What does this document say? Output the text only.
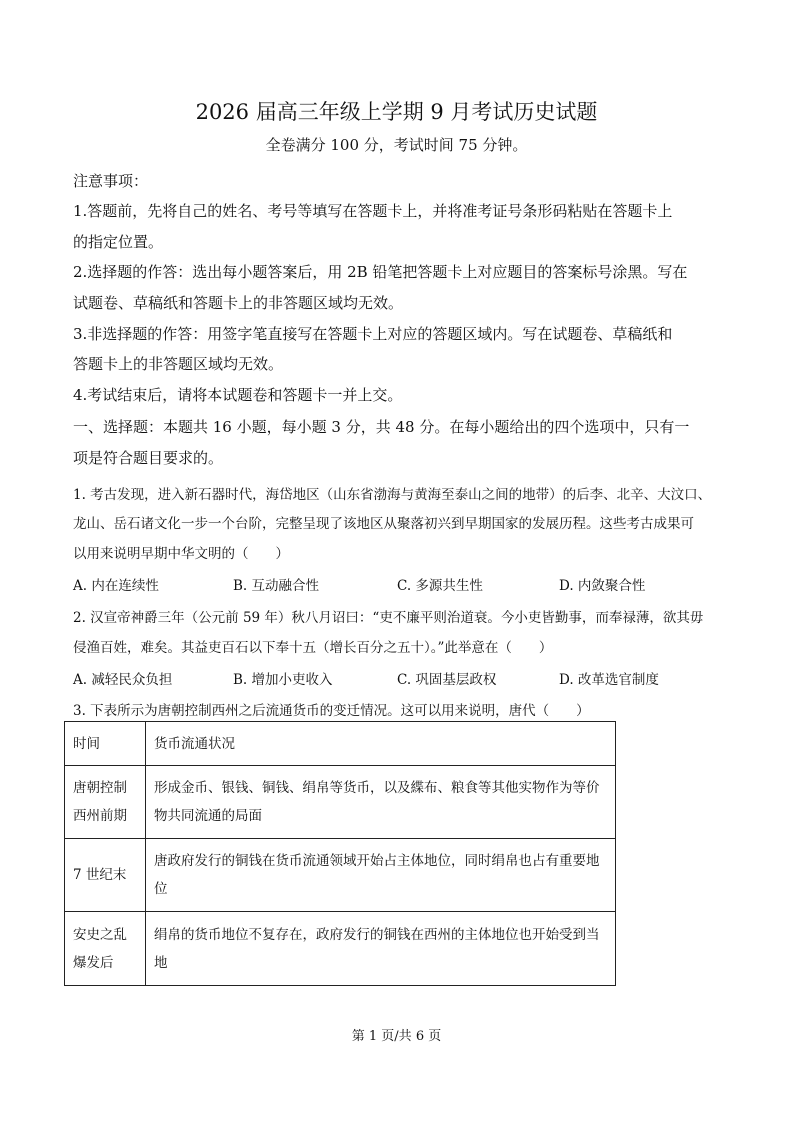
2026 届高三年级上学期 9 月考试历史试题
全卷满分 100 分，考试时间 75 分钟。
注意事项：
1.答题前，先将自己的姓名、考号等填写在答题卡上，并将准考证号条形码粘贴在答题卡上
的指定位置。
2.选择题的作答：选出每小题答案后，用 2B 铅笔把答题卡上对应题目的答案标号涂黑。写在
试题卷、草稿纸和答题卡上的非答题区域均无效。
3.非选择题的作答：用签字笔直接写在答题卡上对应的答题区域内。写在试题卷、草稿纸和
答题卡上的非答题区域均无效。
4.考试结束后，请将本试题卷和答题卡一并上交。
一、选择题：本题共 16 小题，每小题 3 分，共 48 分。在每小题给出的四个选项中，只有一
项是符合题目要求的。
1. 考古发现，进入新石器时代，海岱地区（山东省渤海与黄海至泰山之间的地带）的后李、北辛、大汶口、
龙山、岳石诸文化一步一个台阶，完整呈现了该地区从聚落初兴到早期国家的发展历程。这些考古成果可
以用来说明早期中华文明的（　　）
A. 内在连续性	B. 互动融合性	C. 多源共生性	D. 内敛聚合性
2. 汉宣帝神爵三年（公元前 59 年）秋八月诏曰：“吏不廉平则治道衰。今小吏皆勤事，而奉禄薄，欲其毋
侵渔百姓，难矣。其益吏百石以下奉十五（增长百分之五十）。”此举意在（　　）
A. 减轻民众负担	B. 增加小吏收入	C. 巩固基层政权	D. 改革选官制度
3. 下表所示为唐朝控制西州之后流通货币的变迁情况。这可以用来说明，唐代（　　）
时间	货币流通状况
唐朝控制西州前期	形成金币、银钱、铜钱、绢帛等货币，以及緤布、粮食等其他实物作为等价物共同流通的局面
7 世纪末	唐政府发行的铜钱在货币流通领域开始占主体地位，同时绢帛也占有重要地位
安史之乱爆发后	绢帛的货币地位不复存在，政府发行的铜钱在西州的主体地位也开始受到当地
第 1 页/共 6 页
